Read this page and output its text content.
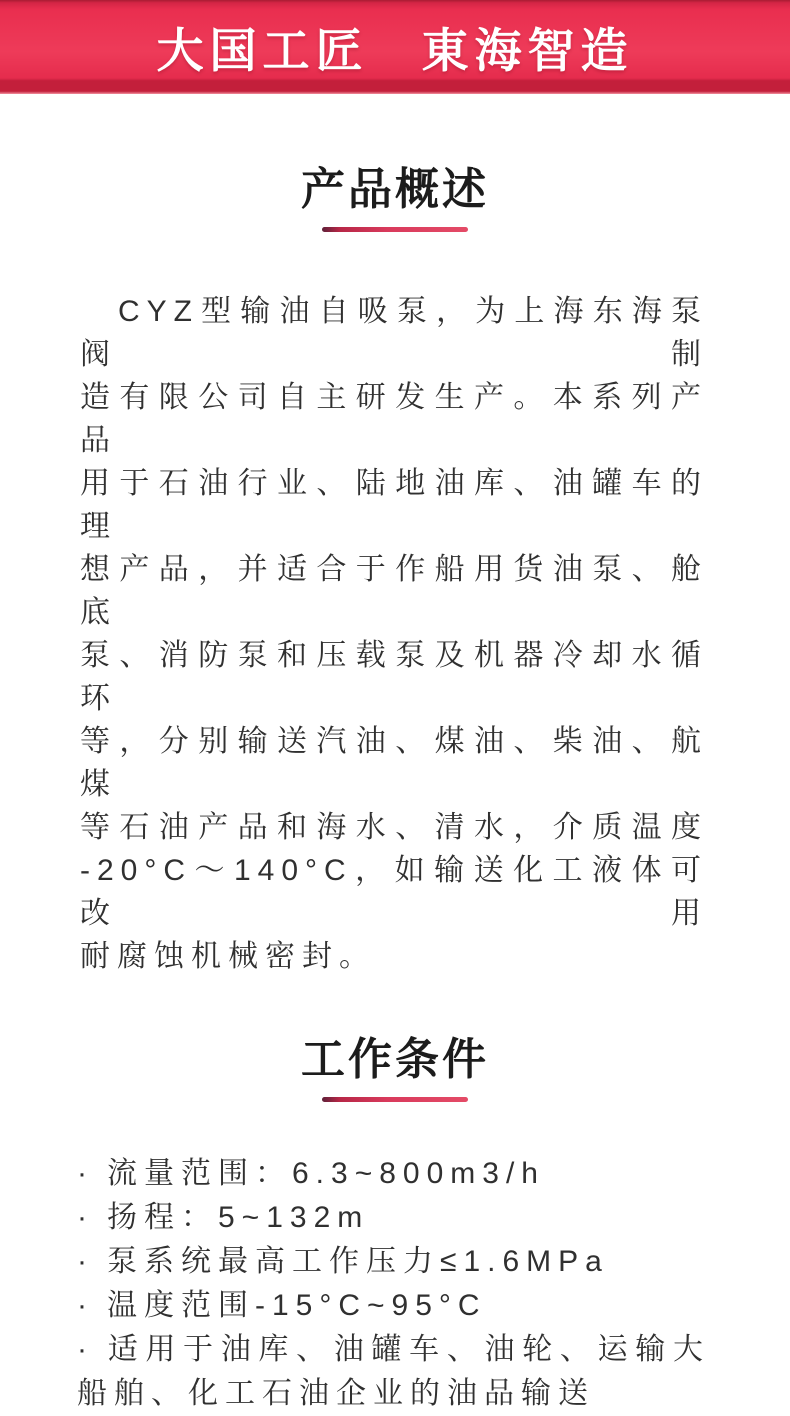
大国工匠　東海智造
产品概述
CYZ型输油自吸泵，为上海东海泵阀制
造有限公司自主研发生产。本系列产品
用于石油行业、陆地油库、油罐车的理
想产品，并适合于作船用货油泵、舱底
泵、消防泵和压载泵及机器冷却水循环
等，分别输送汽油、煤油、柴油、航煤
等石油产品和海水、清水，介质温度
-20°C～140°C，如输送化工液体可改用
耐腐蚀机械密封。
工作条件
· 流量范围：6.3~800m3/h
· 扬程：5~132m
· 泵系统最高工作压力≤1.6MPa
· 温度范围-15°C~95°C
· 适用于油库、油罐车、油轮、运输大船舶、化工石油企业的油品输送
